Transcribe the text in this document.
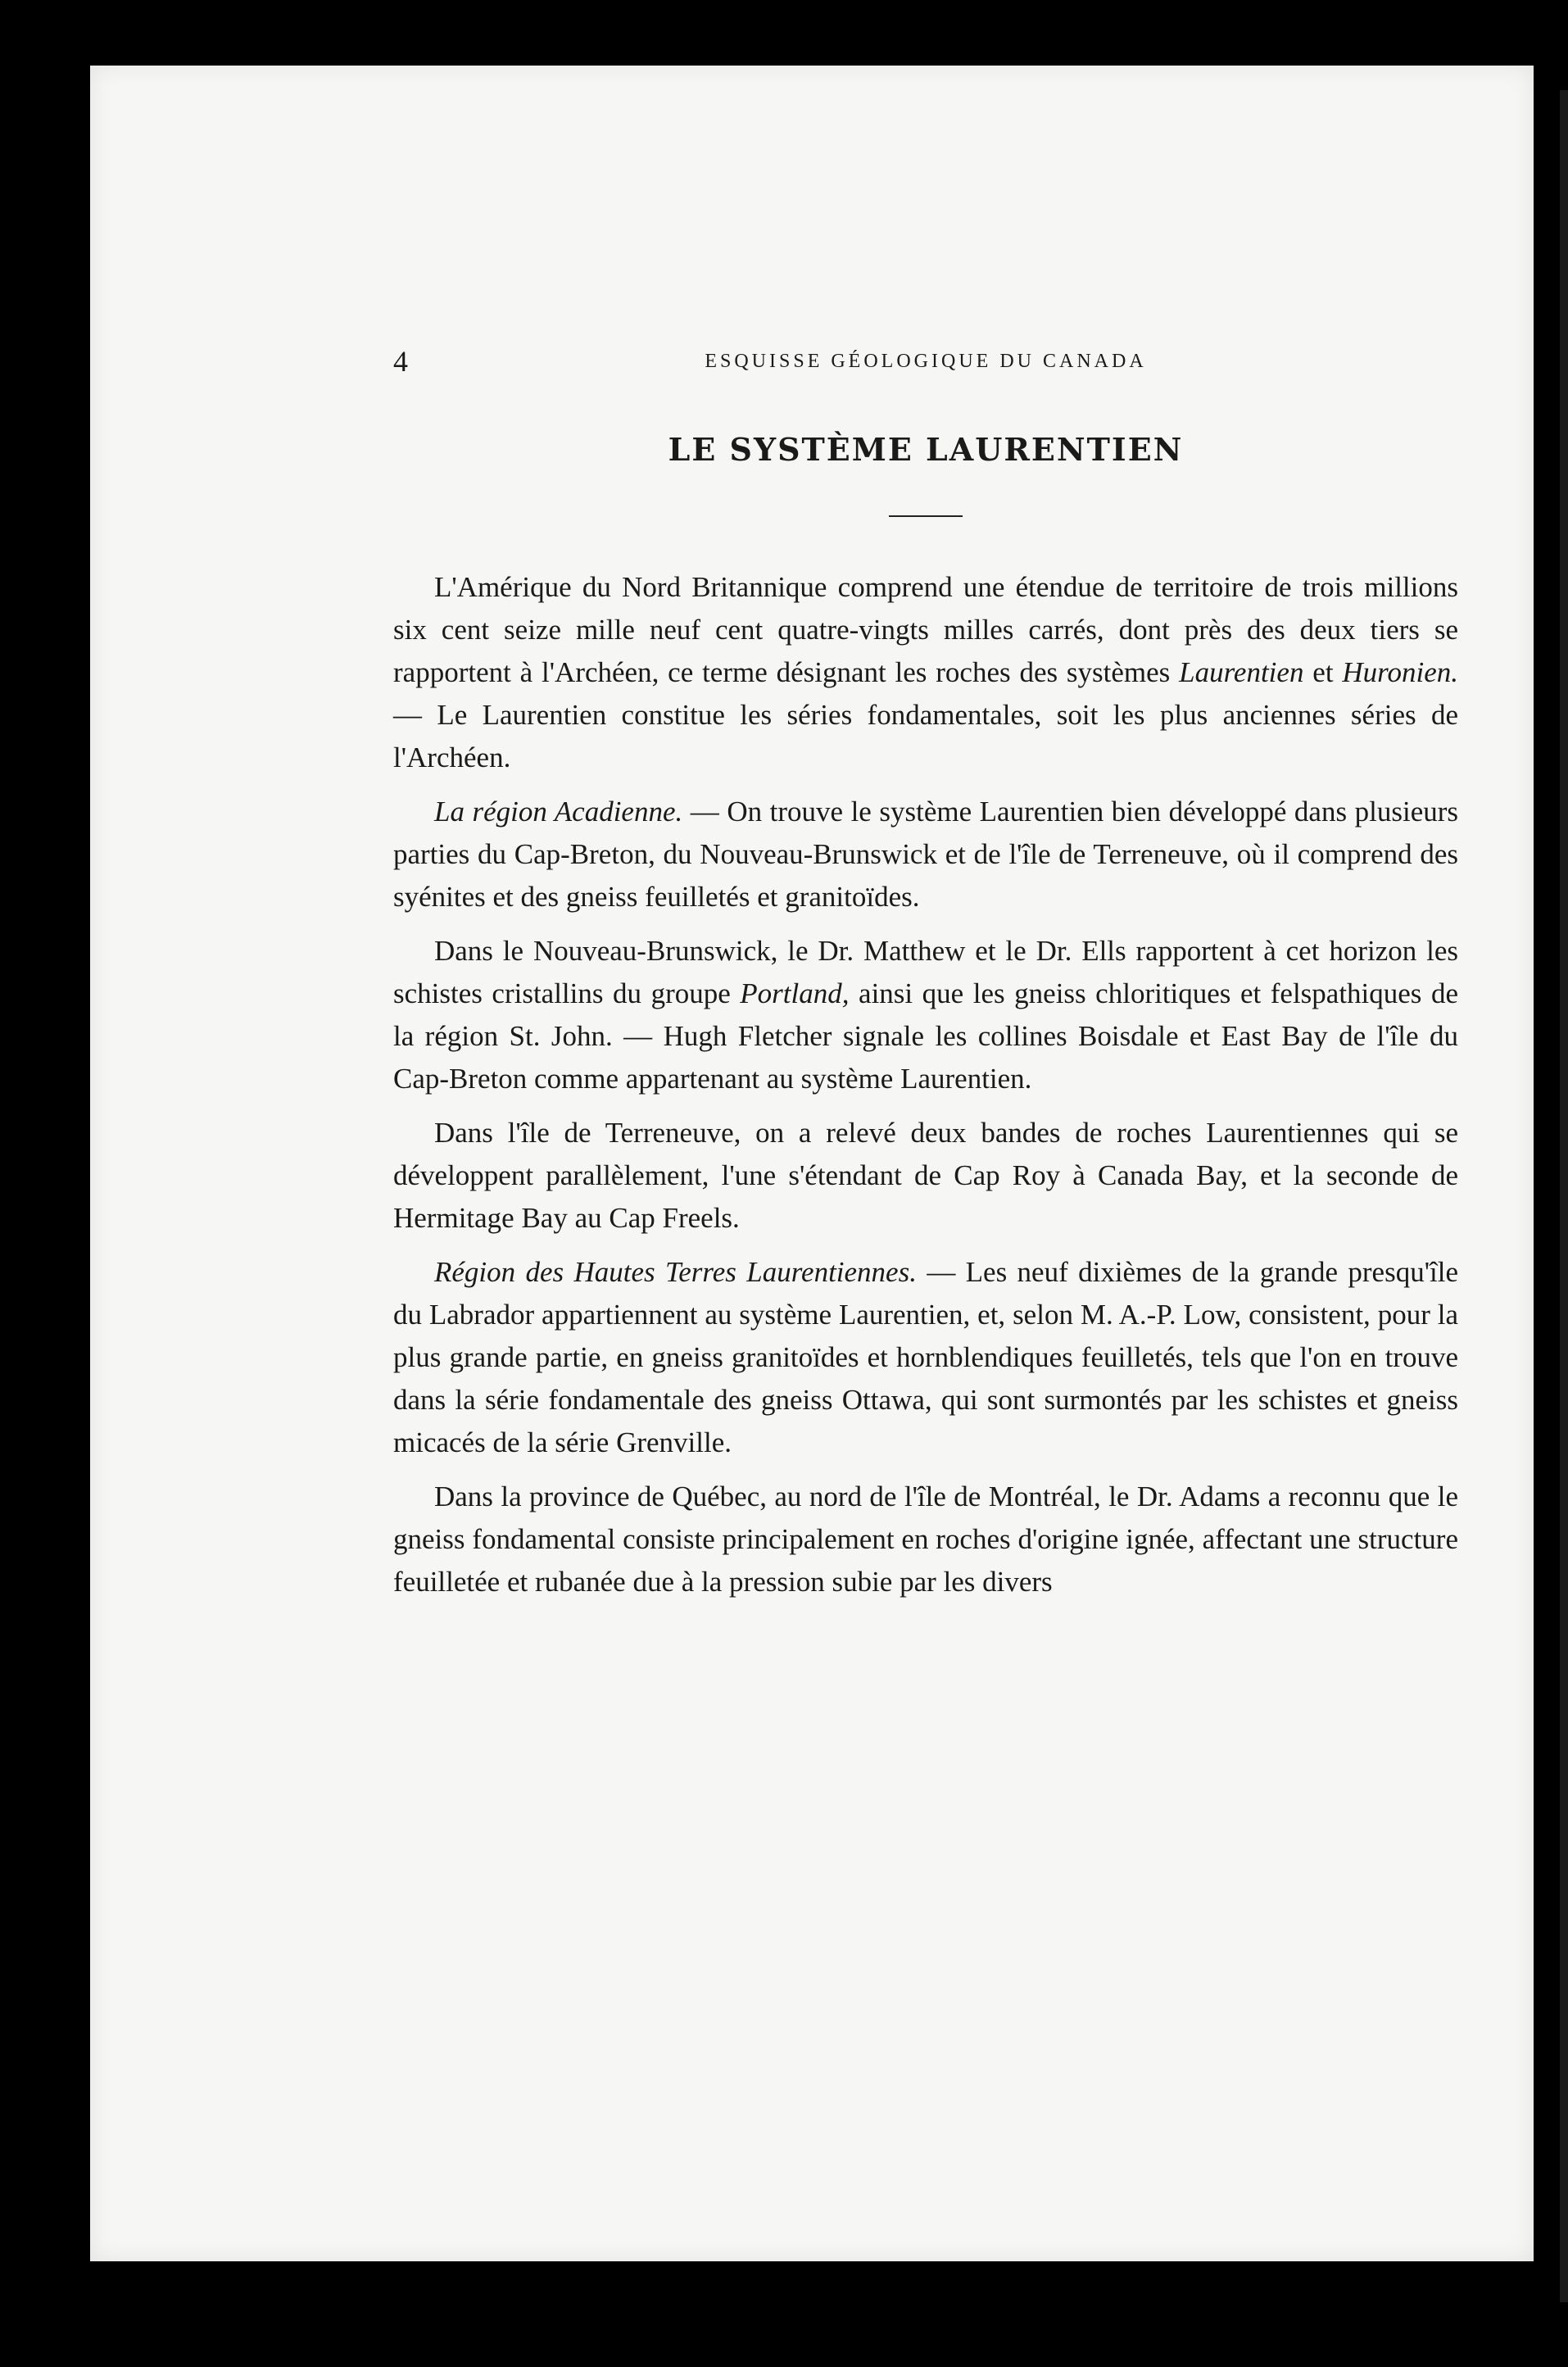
4	ESQUISSE GÉOLOGIQUE DU CANADA
LE SYSTÈME LAURENTIEN

L'Amérique du Nord Britannique comprend une étendue de territoire de trois millions six cent seize mille neuf cent quatre-vingts milles carrés, dont près des deux tiers se rapportent à l'Archéen, ce terme désignant les roches des systèmes Laurentien et Huronien. — Le Laurentien constitue les séries fondamentales, soit les plus anciennes séries de l'Archéen.

La région Acadienne. — On trouve le système Laurentien bien développé dans plusieurs parties du Cap-Breton, du Nouveau-Brunswick et de l'île de Terreneuve, où il comprend des syénites et des gneiss feuilletés et granitoïdes.

Dans le Nouveau-Brunswick, le Dr. Matthew et le Dr. Ells rapportent à cet horizon les schistes cristallins du groupe Portland, ainsi que les gneiss chloritiques et felspathiques de la région St. John. — Hugh Fletcher signale les collines Boisdale et East Bay de l'île du Cap-Breton comme appartenant au système Laurentien.

Dans l'île de Terreneuve, on a relevé deux bandes de roches Laurentiennes qui se développent parallèlement, l'une s'étendant de Cap Roy à Canada Bay, et la seconde de Hermitage Bay au Cap Freels.

Région des Hautes Terres Laurentiennes. — Les neuf dixièmes de la grande presqu'île du Labrador appartiennent au système Laurentien, et, selon M. A.-P. Low, consistent, pour la plus grande partie, en gneiss granitoïdes et hornblendiques feuilletés, tels que l'on en trouve dans la série fondamentale des gneiss Ottawa, qui sont surmontés par les schistes et gneiss micacés de la série Grenville.

Dans la province de Québec, au nord de l'île de Montréal, le Dr. Adams a reconnu que le gneiss fondamental consiste principalement en roches d'origine ignée, affectant une structure feuilletée et rubanée due à la pression subie par les divers
